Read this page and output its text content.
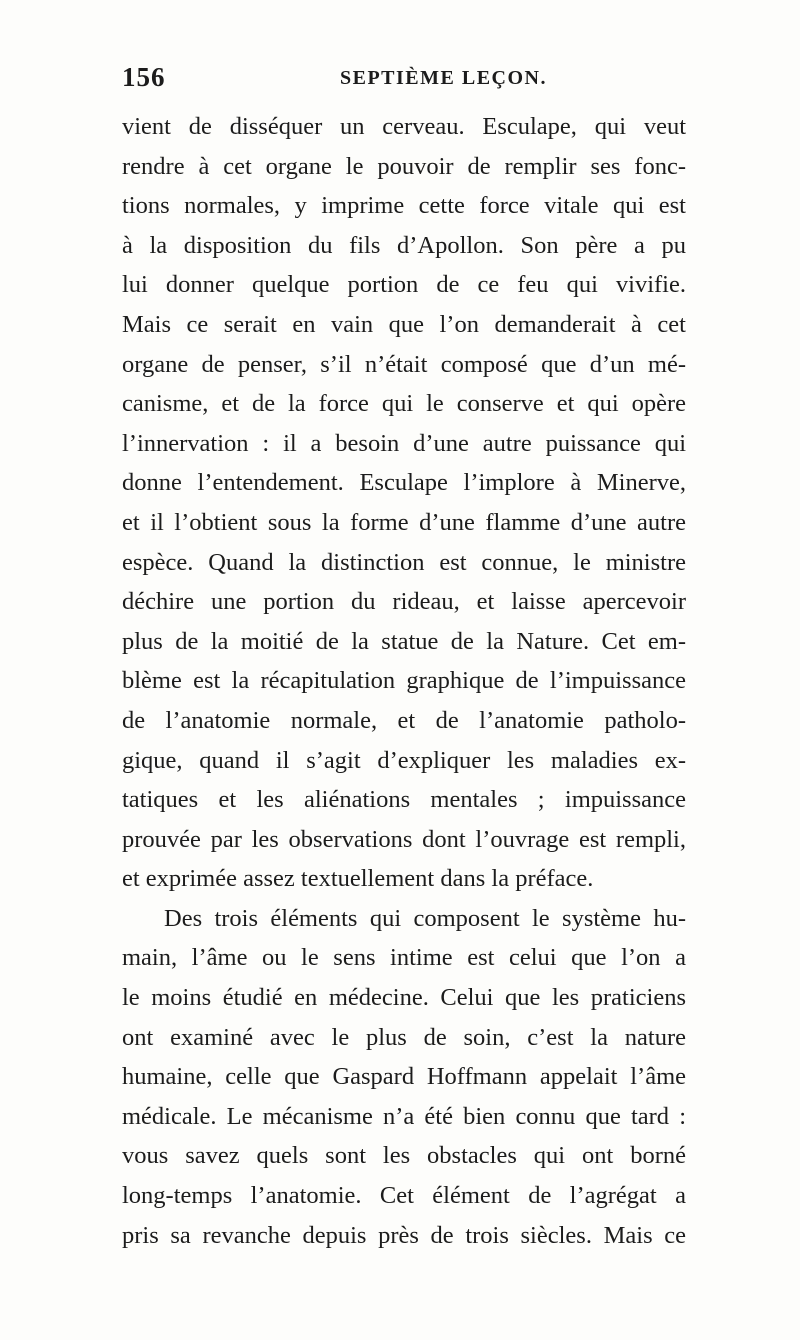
156	SEPTIÈME LEÇON.
vient de disséquer un cerveau. Esculape, qui veut
rendre à cet organe le pouvoir de remplir ses fonc-
tions normales, y imprime cette force vitale qui est
à la disposition du fils d’Apollon. Son père a pu
lui donner quelque portion de ce feu qui vivifie.
Mais ce serait en vain que l’on demanderait à cet
organe de penser, s’il n’était composé que d’un mé-
canisme, et de la force qui le conserve et qui opère
l’innervation : il a besoin d’une autre puissance qui
donne l’entendement. Esculape l’implore à Minerve,
et il l’obtient sous la forme d’une flamme d’une autre
espèce. Quand la distinction est connue, le ministre
déchire une portion du rideau, et laisse apercevoir
plus de la moitié de la statue de la Nature. Cet em-
blème est la récapitulation graphique de l’impuissance
de l’anatomie normale, et de l’anatomie patholo-
gique, quand il s’agit d’expliquer les maladies ex-
tatiques et les aliénations mentales ; impuissance
prouvée par les observations dont l’ouvrage est rempli,
et exprimée assez textuellement dans la préface.
Des trois éléments qui composent le système hu-
main, l’âme ou le sens intime est celui que l’on a
le moins étudié en médecine. Celui que les praticiens
ont examiné avec le plus de soin, c’est la nature
humaine, celle que Gaspard Hoffmann appelait l’âme
médicale. Le mécanisme n’a été bien connu que tard :
vous savez quels sont les obstacles qui ont borné
long-temps l’anatomie. Cet élément de l’agrégat a
pris sa revanche depuis près de trois siècles. Mais ce
